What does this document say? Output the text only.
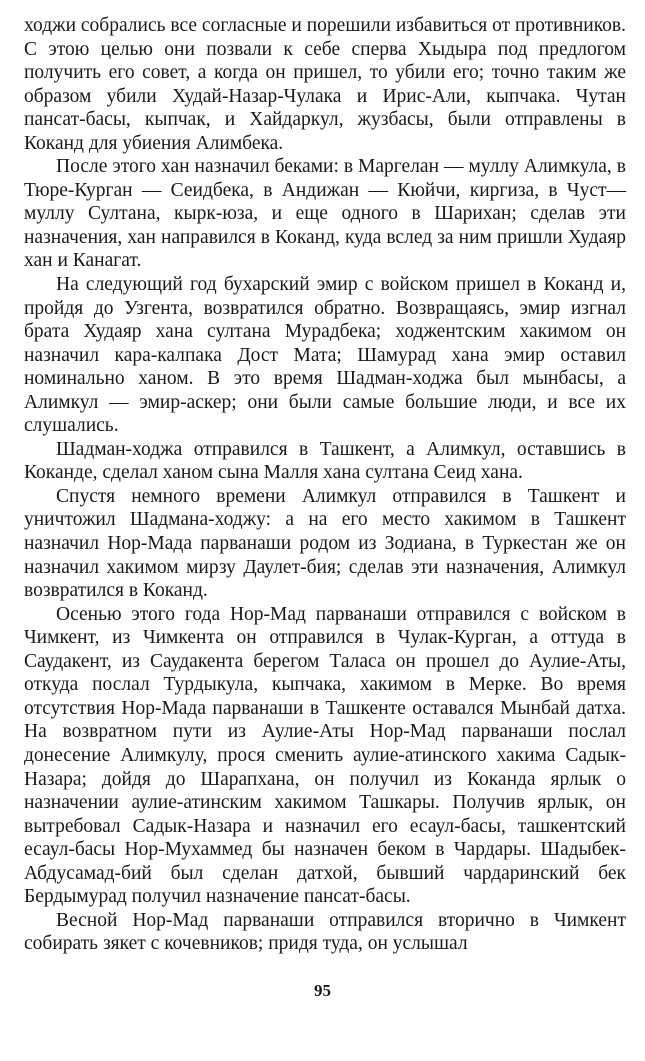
ходжи собрались все согласные и порешили избавиться от противников. С этою целью они позвали к себе сперва Хыдыра под предлогом получить его совет, а когда он пришел, то убили его; точно таким же образом убили Худай-Назар-Чулака и Ирис-Али, кыпчака. Чутан пансат-басы, кыпчак, и Хайдаркул, жузбасы, были отправлены в Коканд для убиения Алимбека.

После этого хан назначил беками: в Маргелан — муллу Алимкула, в Тюре-Курган — Сеидбека, в Андижан — Кюйчи, киргиза, в Чуст—муллу Султана, кырк-юза, и еще одного в Шарихан; сделав эти назначения, хан направился в Коканд, куда вслед за ним пришли Худаяр хан и Канагат.

На следующий год бухарский эмир с войском пришел в Коканд и, пройдя до Узгента, возвратился обратно. Возвращаясь, эмир изгнал брата Худаяр хана султана Мурадбека; ходжентским хакимом он назначил кара-калпака Дост Мата; Шамурад хана эмир оставил номинально ханом. В это время Шадман-ходжа был мынбасы, а Алимкул — эмир-аскер; они были самые большие люди, и все их слушались.

Шадман-ходжа отправился в Ташкент, а Алимкул, оставшись в Коканде, сделал ханом сына Малля хана султана Сеид хана.

Спустя немного времени Алимкул отправился в Ташкент и уничтожил Шадмана-ходжу: а на его место хакимом в Ташкент назначил Нор-Мада парванаши родом из Зодиана, в Туркестан же он назначил хакимом мирзу Даулет-бия; сделав эти назначения, Алимкул возвратился в Коканд.

Осенью этого года Нор-Мад парванаши отправился с войском в Чимкент, из Чимкента он отправился в Чулак-Курган, а оттуда в Саудакент, из Саудакента берегом Таласа он прошел до Аулие-Аты, откуда послал Турдыкула, кыпчака, хакимом в Мерке. Во время отсутствия Нор-Мада парванаши в Ташкенте оставался Мынбай датха. На возвратном пути из Аулие-Аты Нор-Мад парванаши послал донесение Алимкулу, прося сменить аулие-атинского хакима Садык-Назара; дойдя до Шарапхана, он получил из Коканда ярлык о назначении аулие-атинским хакимом Ташкары. Получив ярлык, он вытребовал Садык-Назара и назначил его есаул-басы, ташкентский есаул-басы Нор-Мухаммед бы назначен беком в Чардары. Шадыбек-Абдусамад-бий был сделан датхой, бывший чардаринский бек Бердымурад получил назначение пансат-басы.

Весной Нор-Мад парванаши отправился вторично в Чимкент собирать зякет с кочевников; придя туда, он услышал

95
